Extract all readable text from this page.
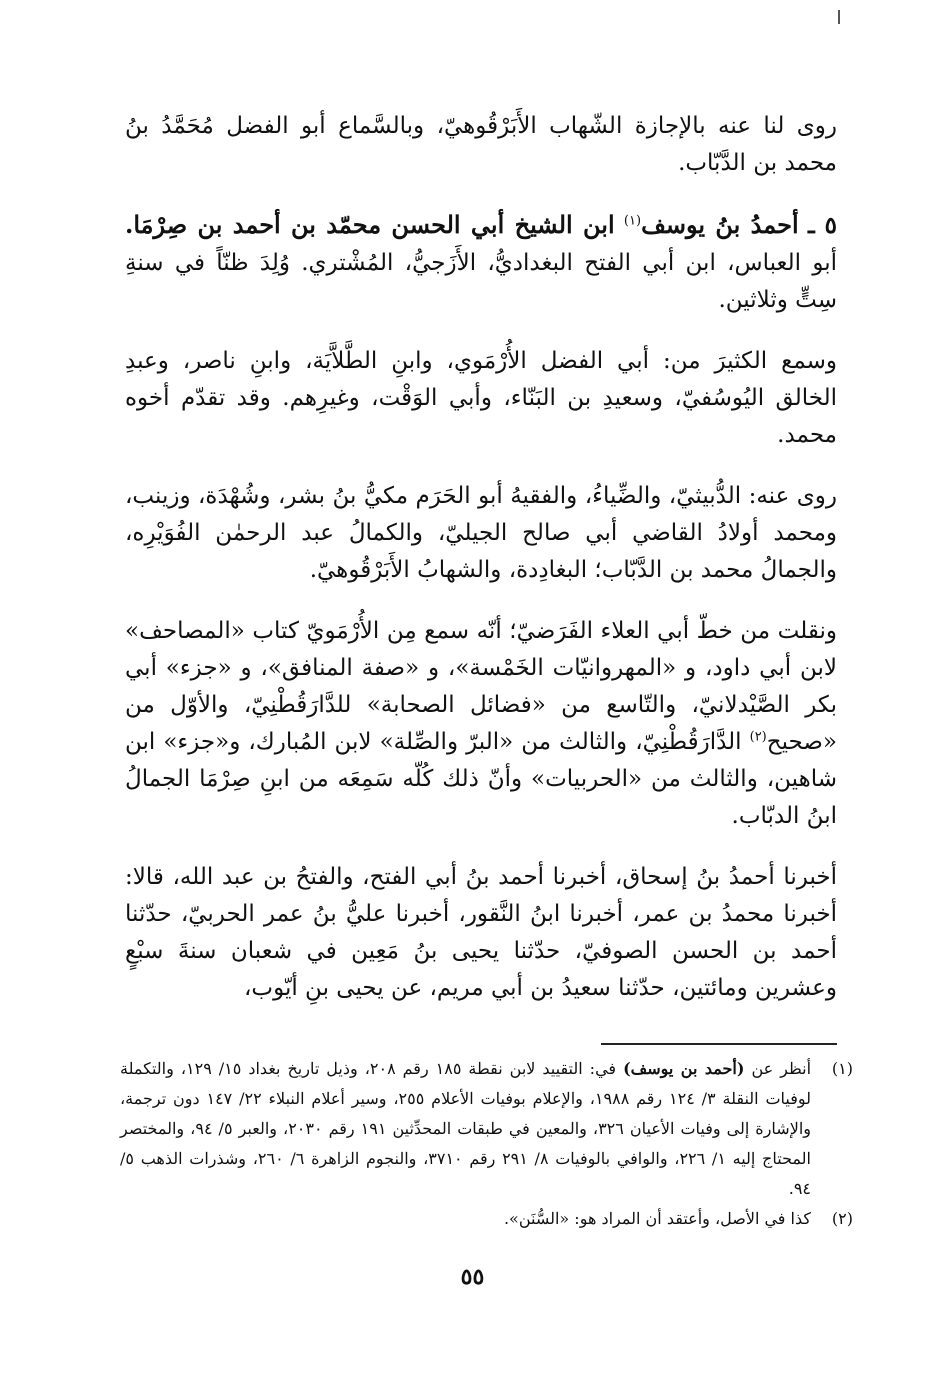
روى لنا عنه بالإجازة الشّهاب الأَبَرْقُوهيّ، وبالسَّماع أبو الفضل مُحَمَّدُ بنُ محمد بن الدَّبّاب.

٥ ـ أحمدُ بنُ يوسف$^{(١)}$ ابن الشيخ أبي الحسن محمّد بن أحمد بن صِرْمَا. أبو العباس، ابن أبي الفتح البغداديُّ، الأَزَجيُّ، المُشْتري. وُلِدَ ظنّاً في سنةِ سِتٍّ وثلاثين.

وسمع الكثيرَ من: أبي الفضل الأُرْمَوي، وابنِ الطَّلاَّيَة، وابنِ ناصر، وعبدِ الخالق اليُوسُفيّ، وسعيدِ بن البَنّاء، وأبي الوَقْت، وغيرِهم. وقد تقدّم أخوه محمد.

روى عنه: الدُّبيثيّ، والضِّياءُ، والفقيهُ أبو الحَرَم مكيُّ بنُ بشر، وشُهْدَة، وزينب، ومحمد أولادُ القاضي أبي صالح الجيليّ، والكمالُ عبد الرحمٰن الفُوَيْرِه، والجمالُ محمد بن الدَّبّاب؛ البغادِدة، والشهابُ الأَبَرْقُوهيّ.

ونقلت من خطّ أبي العلاء الفَرَضيّ؛ أنّه سمع مِن الأُرْمَويّ كتاب «المصاحف» لابن أبي داود، و «المهروانيّات الخَمْسة»، و «صفة المنافق»، و «جزء» أبي بكر الصَّيْدلانيّ، والتّاسع من «فضائل الصحابة» للدَّارَقُطْنِيّ، والأوّل من «صحيح$^{(٢)}$ الدَّارَقُطْنِيّ، والثالث من «البرّ والصِّلة» لابن المُبارك، و«جزء» ابن شاهين، والثالث من «الحربيات» وأنّ ذلك كُلّه سَمِعَه من ابنِ صِرْمَا الجمالُ ابنُ الدبّاب.

أخبرنا أحمدُ بنُ إسحاق، أخبرنا أحمد بنُ أبي الفتح، والفتحُ بن عبد الله، قالا: أخبرنا محمدُ بن عمر، أخبرنا ابنُ النَّقور، أخبرنا عليُّ بنُ عمر الحربيّ، حدّثنا أحمد بن الحسن الصوفيّ، حدّثنا يحيى بنُ مَعِين في شعبان سنةَ سبْعٍ وعشرين ومائتين، حدّثنا سعيدُ بن أبي مريم، عن يحيى بنِ أيّوب،

(١)
أنظر عن (أحمد بن يوسف) في: التقييد لابن نقطة ١٨٥ رقم ٢٠٨، وذيل تاريخ بغداد ١٥/ ١٢٩، والتكملة لوفيات النقلة ٣/ ١٢٤ رقم ١٩٨٨، والإعلام بوفيات الأعلام ٢٥٥، وسير أعلام النبلاء ٢٢/ ١٤٧ دون ترجمة، والإشارة إلى وفيات الأعيان ٣٢٦، والمعين في طبقات المحدِّثين ١٩١ رقم ٢٠٣٠، والعبر ٥/ ٩٤، والمختصر المحتاج إليه ١/ ٢٢٦، والوافي بالوفيات ٨/ ٢٩١ رقم ٣٧١٠، والنجوم الزاهرة ٦/ ٢٦٠، وشذرات الذهب ٥/ ٩٤.
(٢)
كذا في الأصل، وأعتقد أن المراد هو: «السُّنَن».
٥٥
